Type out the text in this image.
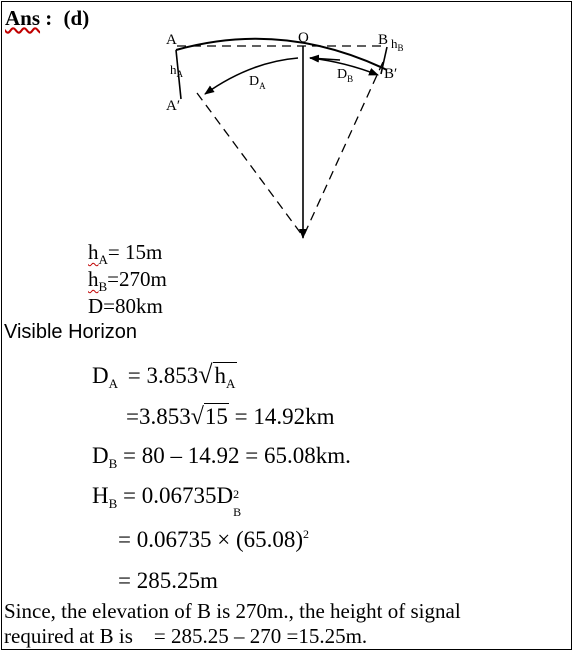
Ans : (d)
A	O	B $h_B$
$h_A$
A′
B′
$D_A$
$D_B$
$h_A= 15m$
$h_B=270m$
D=80km
Visible Horizon
$D_A = 3.853√h_A$
=3.853√15 = 14.92km
$D_B = 80 - 14.92 = 65.08km$.
$H_B = 0.06735D$ 2
B
= $0.06735 \times (65.08)^2$
= 285.25m
Since, the elevation of B is 270m., the height of signal
required at B is    = 285.25 – 270 =15.25m.
